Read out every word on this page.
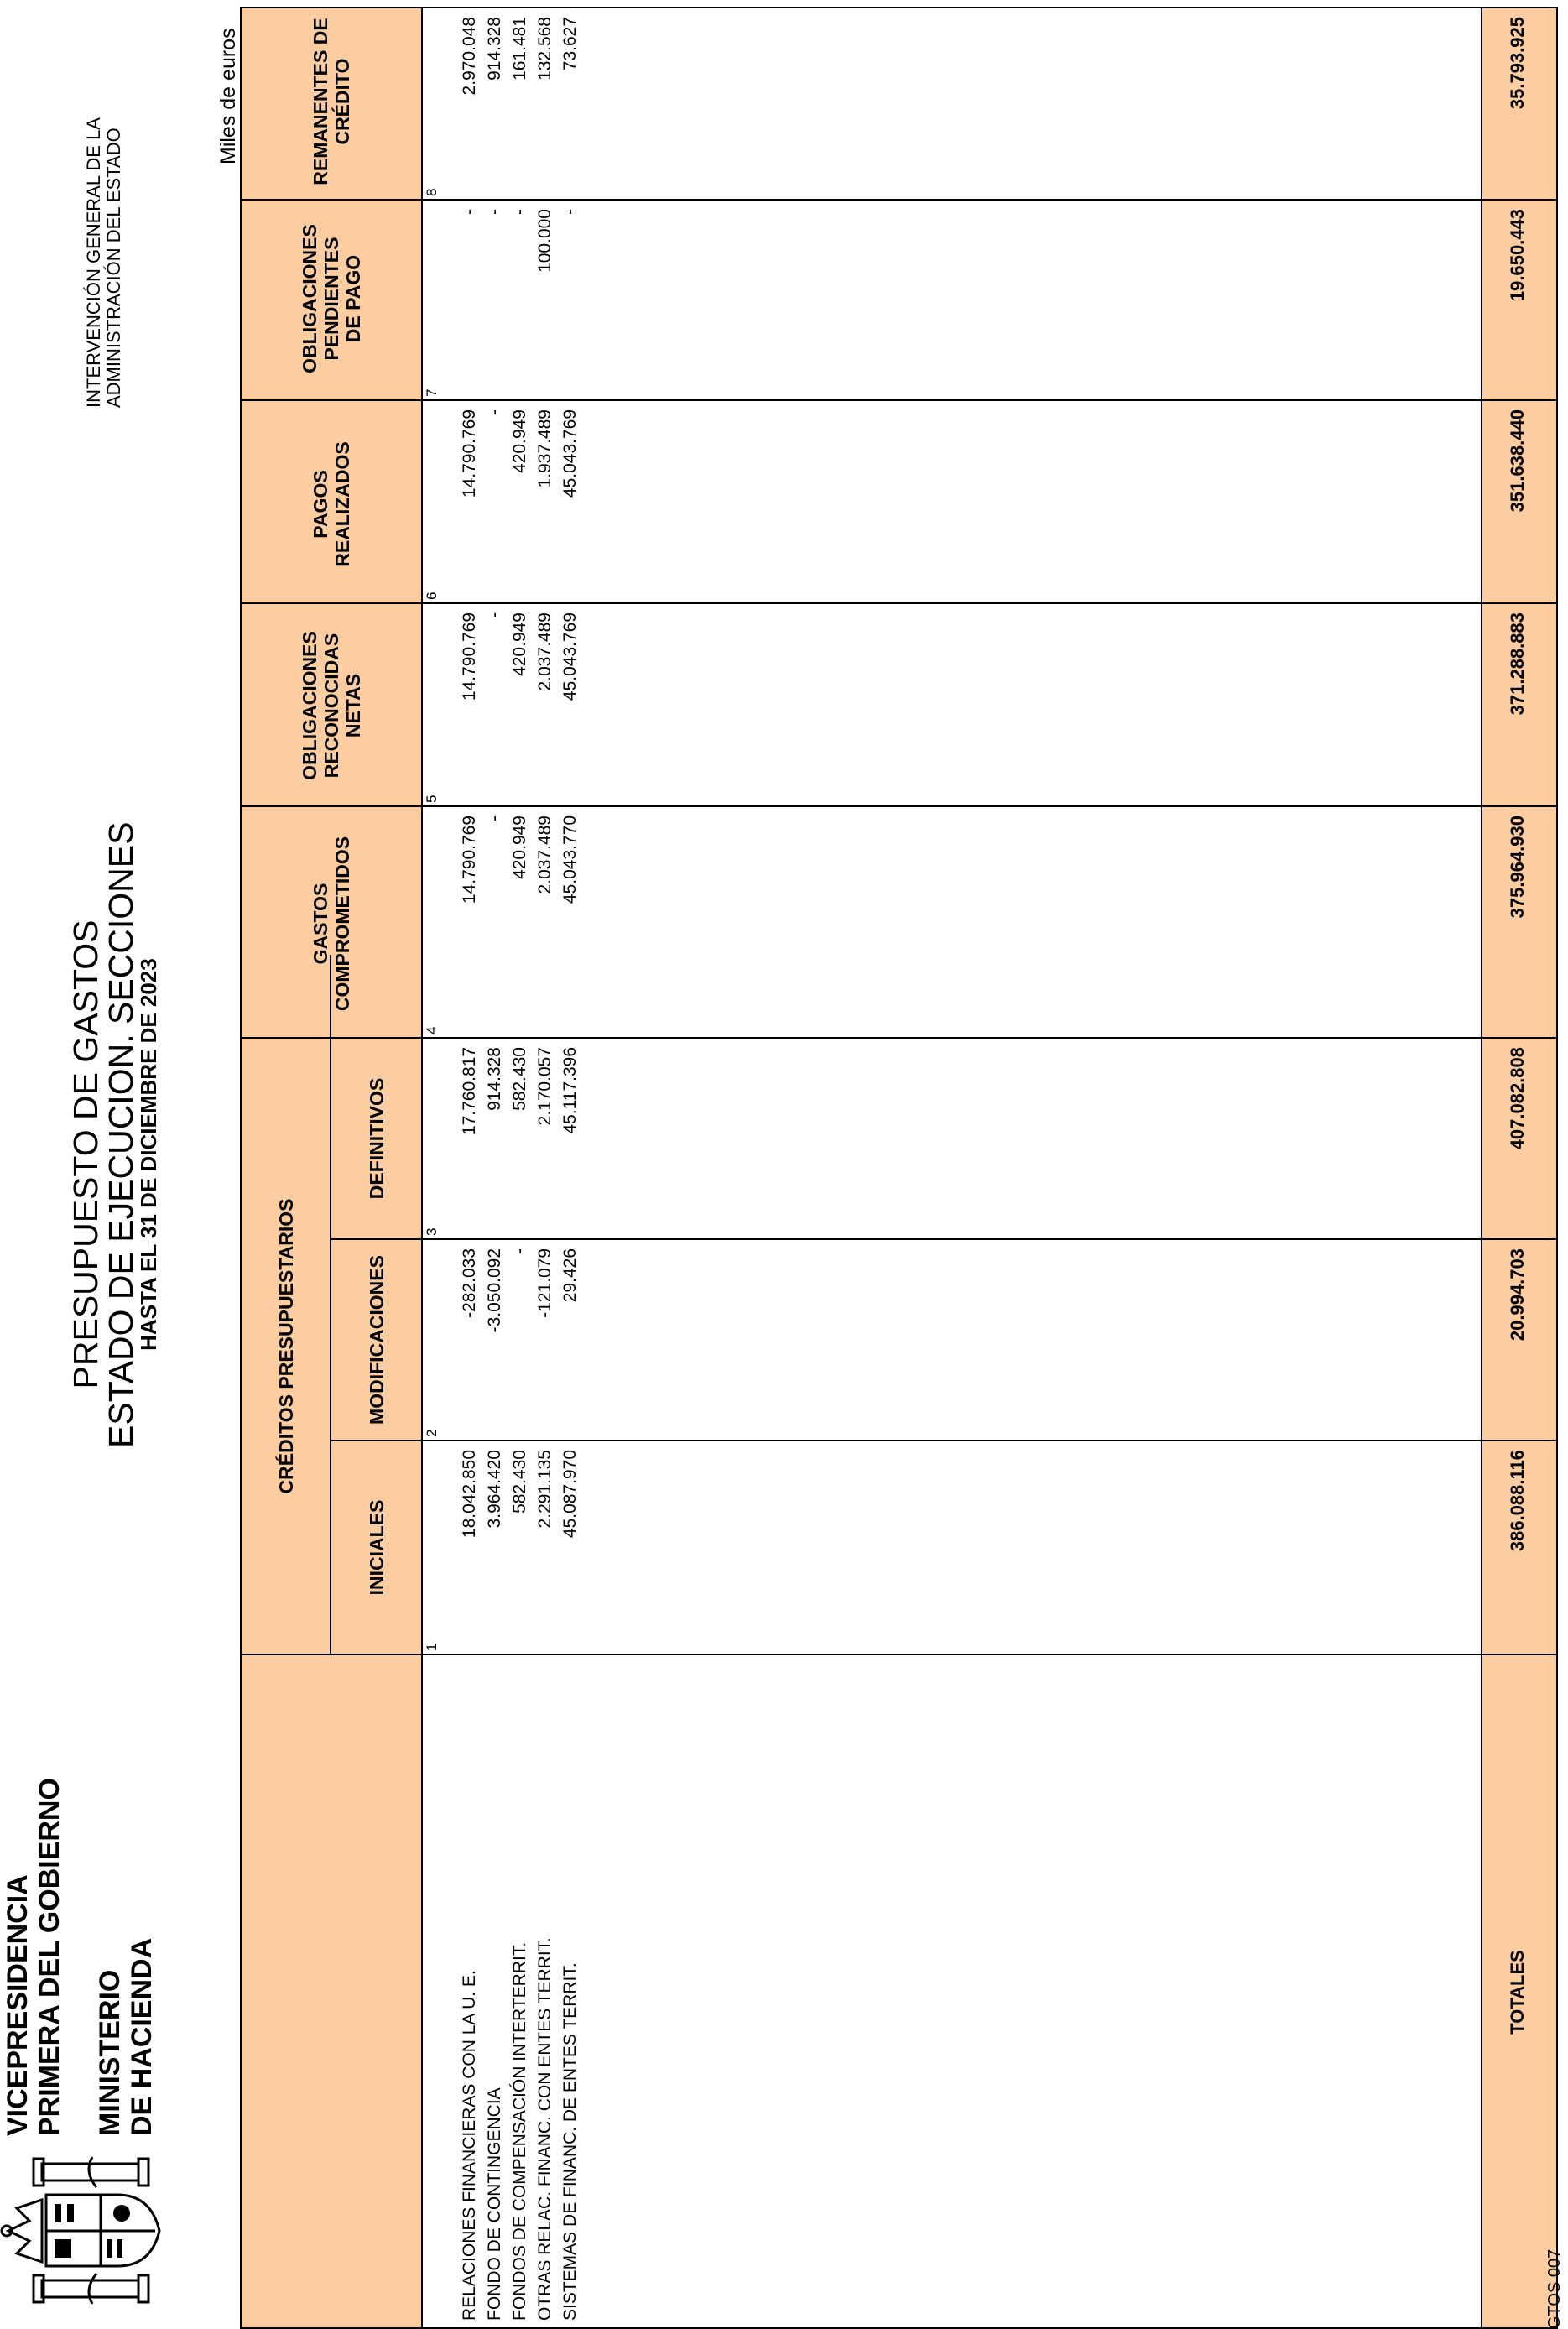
VICEPRESIDENCIA PRIMERA DEL GOBIERNO MINISTERIO DE HACIENDA
PRESUPUESTO DE GASTOS
ESTADO DE EJECUCION. SECCIONES
HASTA EL 31 DE DICIEMBRE DE 2023
INTERVENCIÓN GENERAL DE LA ADMINISTRACIÓN DEL ESTADO
Miles de euros
CRÉDITOS PRESUPUESTARIOS
INICIALES
MODIFICACIONES
DEFINITIVOS
GASTOS COMPROMETIDOS
OBLIGACIONES RECONOCIDAS NETAS
PAGOS REALIZADOS
OBLIGACIONES PENDIENTES DE PAGO
REMANENTES DE CRÉDITO
1
2
3
4
5
6
7
8
RELACIONES FINANCIERAS CON LA U. E. FONDO DE CONTINGENCIA FONDOS DE COMPENSACIÓN INTERTERRIT. OTRAS RELAC. FINANC. CON ENTES TERRIT. SISTEMAS DE FINANC. DE ENTES TERRIT.
18.042.850
-282.033
17.760.817
14.790.769
14.790.769
14.790.769
-
2.970.048
3.964.420
-3.050.092
914.328
-
-
-
-
914.328
582.430
-
582.430
420.949
420.949
420.949
-
161.481
2.291.135
-121.079
2.170.057
2.037.489
2.037.489
1.937.489
100.000
132.568
45.087.970
29.426
45.117.396
45.043.770
45.043.769
45.043.769
-
73.627
TOTALES
386.088.116
20.994.703
407.082.808
375.964.930
371.288.883
351.638.440
19.650.443
35.793.925
GTOS 007
